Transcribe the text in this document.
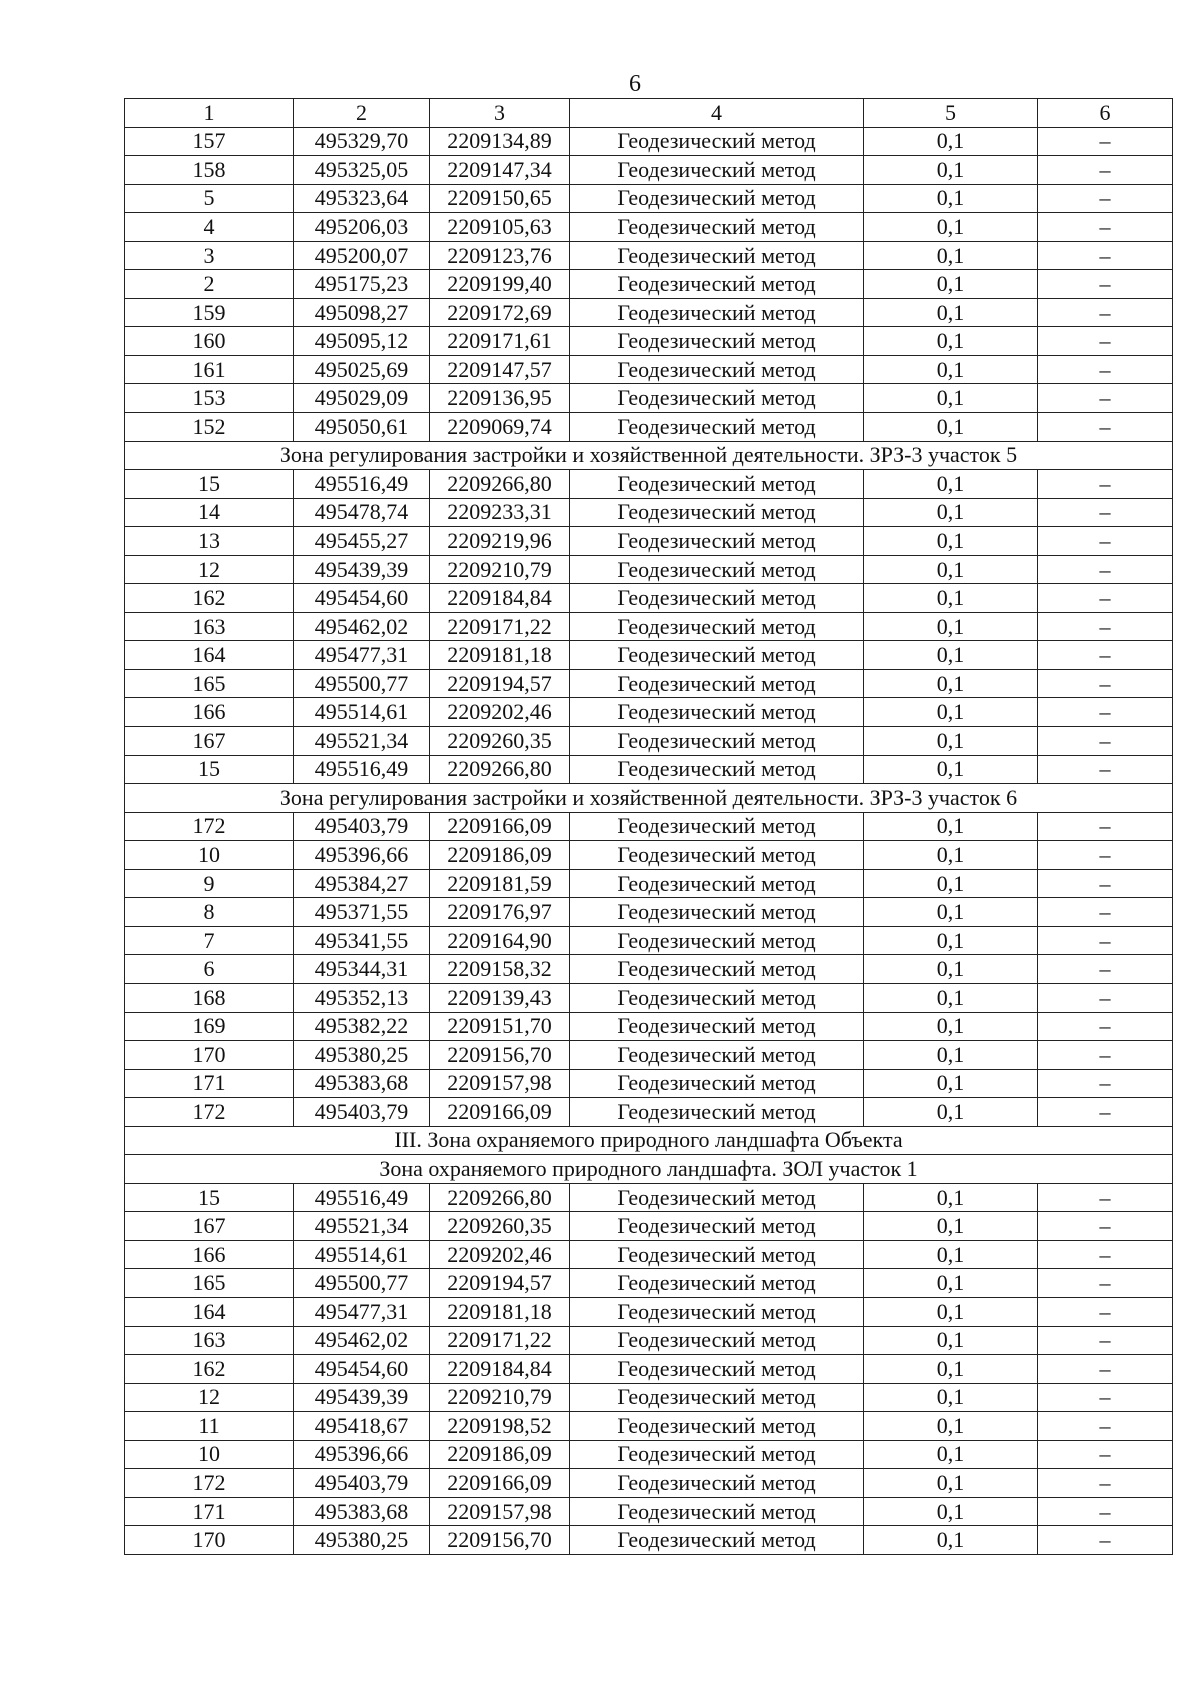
6
1	2	3	4	5	6
157	495329,70	2209134,89	Геодезический метод	0,1	–
158	495325,05	2209147,34	Геодезический метод	0,1	–
5	495323,64	2209150,65	Геодезический метод	0,1	–
4	495206,03	2209105,63	Геодезический метод	0,1	–
3	495200,07	2209123,76	Геодезический метод	0,1	–
2	495175,23	2209199,40	Геодезический метод	0,1	–
159	495098,27	2209172,69	Геодезический метод	0,1	–
160	495095,12	2209171,61	Геодезический метод	0,1	–
161	495025,69	2209147,57	Геодезический метод	0,1	–
153	495029,09	2209136,95	Геодезический метод	0,1	–
152	495050,61	2209069,74	Геодезический метод	0,1	–
Зона регулирования застройки и хозяйственной деятельности. ЗРЗ-3 участок 5					
15	495516,49	2209266,80	Геодезический метод	0,1	–
14	495478,74	2209233,31	Геодезический метод	0,1	–
13	495455,27	2209219,96	Геодезический метод	0,1	–
12	495439,39	2209210,79	Геодезический метод	0,1	–
162	495454,60	2209184,84	Геодезический метод	0,1	–
163	495462,02	2209171,22	Геодезический метод	0,1	–
164	495477,31	2209181,18	Геодезический метод	0,1	–
165	495500,77	2209194,57	Геодезический метод	0,1	–
166	495514,61	2209202,46	Геодезический метод	0,1	–
167	495521,34	2209260,35	Геодезический метод	0,1	–
15	495516,49	2209266,80	Геодезический метод	0,1	–
Зона регулирования застройки и хозяйственной деятельности. ЗРЗ-3 участок 6					
172	495403,79	2209166,09	Геодезический метод	0,1	–
10	495396,66	2209186,09	Геодезический метод	0,1	–
9	495384,27	2209181,59	Геодезический метод	0,1	–
8	495371,55	2209176,97	Геодезический метод	0,1	–
7	495341,55	2209164,90	Геодезический метод	0,1	–
6	495344,31	2209158,32	Геодезический метод	0,1	–
168	495352,13	2209139,43	Геодезический метод	0,1	–
169	495382,22	2209151,70	Геодезический метод	0,1	–
170	495380,25	2209156,70	Геодезический метод	0,1	–
171	495383,68	2209157,98	Геодезический метод	0,1	–
172	495403,79	2209166,09	Геодезический метод	0,1	–
III. Зона охраняемого природного ландшафта Объекта					
Зона охраняемого природного ландшафта. ЗОЛ участок 1					
15	495516,49	2209266,80	Геодезический метод	0,1	–
167	495521,34	2209260,35	Геодезический метод	0,1	–
166	495514,61	2209202,46	Геодезический метод	0,1	–
165	495500,77	2209194,57	Геодезический метод	0,1	–
164	495477,31	2209181,18	Геодезический метод	0,1	–
163	495462,02	2209171,22	Геодезический метод	0,1	–
162	495454,60	2209184,84	Геодезический метод	0,1	–
12	495439,39	2209210,79	Геодезический метод	0,1	–
11	495418,67	2209198,52	Геодезический метод	0,1	–
10	495396,66	2209186,09	Геодезический метод	0,1	–
172	495403,79	2209166,09	Геодезический метод	0,1	–
171	495383,68	2209157,98	Геодезический метод	0,1	–
170	495380,25	2209156,70	Геодезический метод	0,1	–
